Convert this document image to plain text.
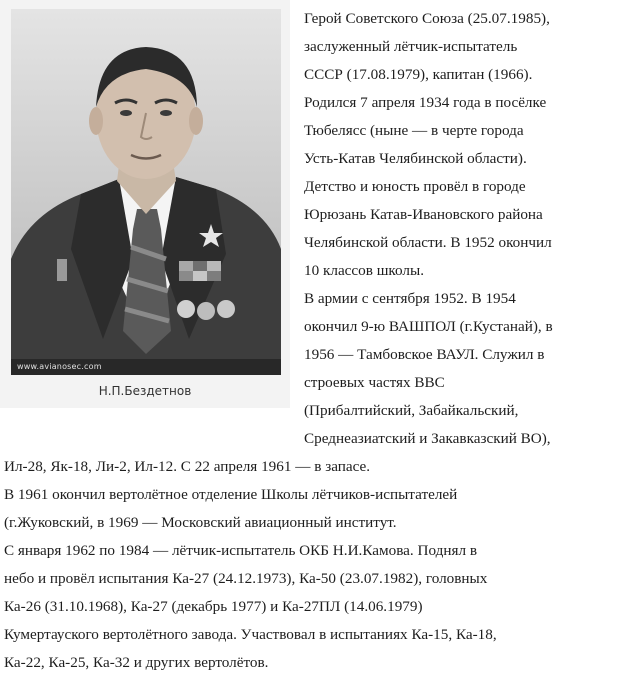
www.avianosec.com
Н.П.Бездетнов
Герой Советского Союза (25.07.1985),
заслуженный лётчик-испытатель
СССР (17.08.1979), капитан (1966).
Родился 7 апреля 1934 года в посёлке
Тюбелясс (ныне — в черте города
Усть-Катав Челябинской области).
Детство и юность провёл в городе
Юрюзань Катав-Ивановского района
Челябинской области. В 1952 окончил
10 классов школы.
В армии с сентября 1952. В 1954
окончил 9-ю ВАШПОЛ (г.Кустанай), в
1956 — Тамбовское ВАУЛ. Служил в
строевых частях ВВС
(Прибалтийский, Забайкальский,
Среднеазиатский и Закавказский ВО),
Ил-28, Як-18, Ли-2, Ил-12. С 22 апреля 1961 — в запасе.
В 1961 окончил вертолётное отделение Школы лётчиков-испытателей
(г.Жуковский, в 1969 — Московский авиационный институт.
С января 1962 по 1984 — лётчик-испытатель ОКБ Н.И.Камова. Поднял в
небо и провёл испытания Ка-27 (24.12.1973), Ка-50 (23.07.1982), головных
Ка-26 (31.10.1968), Ка-27 (декабрь 1977) и Ка-27ПЛ (14.06.1979)
Кумертауского вертолётного завода. Участвовал в испытаниях Ка-15, Ка-18,
Ка-22, Ка-25, Ка-32 и других вертолётов.
